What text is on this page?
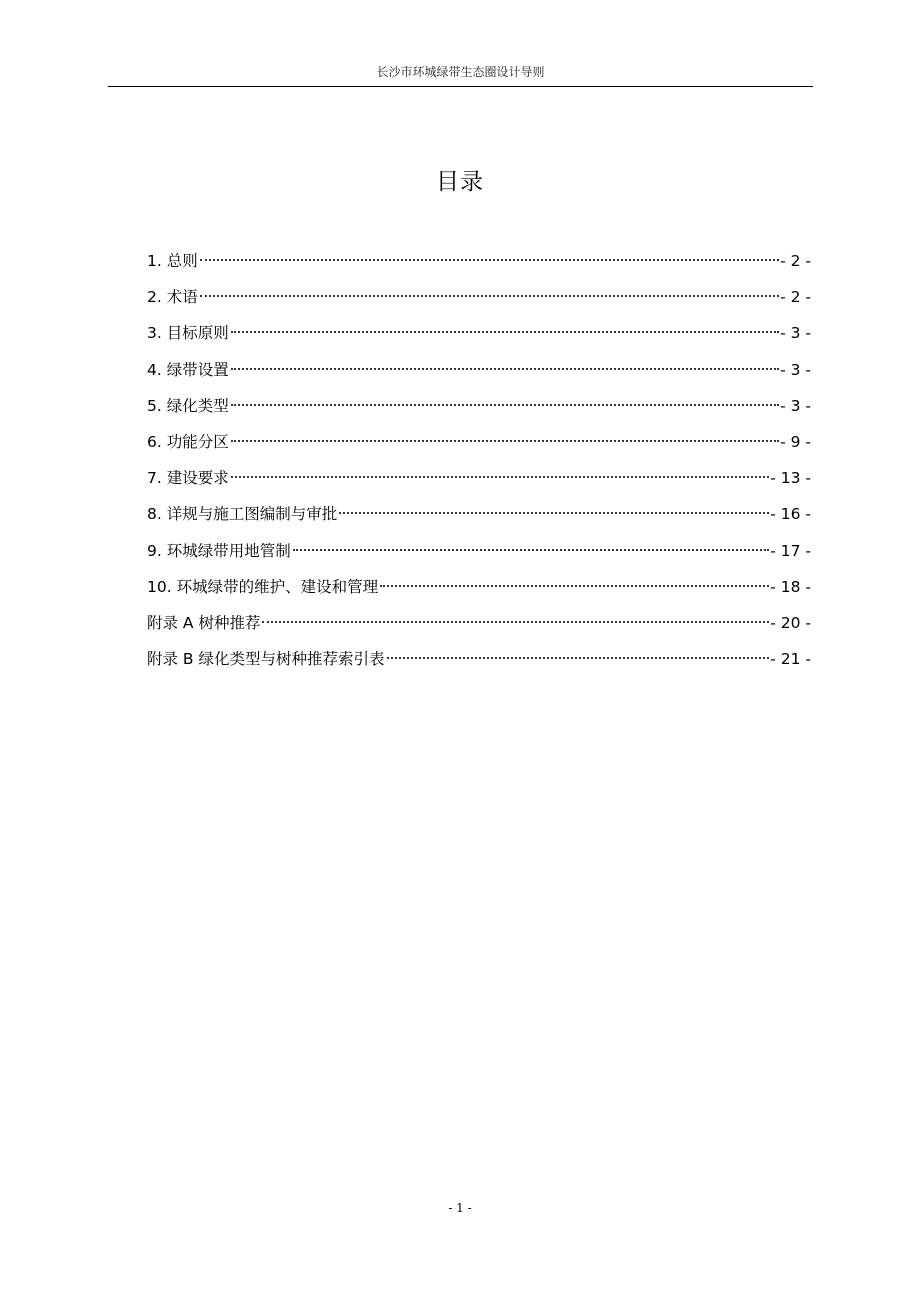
长沙市环城绿带生态圈设计导则
目录
1. 总则	- 2 -
2. 术语	- 2 -
3. 目标原则	- 3 -
4. 绿带设置	- 3 -
5. 绿化类型	- 3 -
6. 功能分区	- 9 -
7. 建设要求	- 13 -
8. 详规与施工图编制与审批	- 16 -
9. 环城绿带用地管制	- 17 -
10. 环城绿带的维护、建设和管理	- 18 -
附录 A 树种推荐	- 20 -
附录 B 绿化类型与树种推荐索引表	- 21 -
- 1 -
